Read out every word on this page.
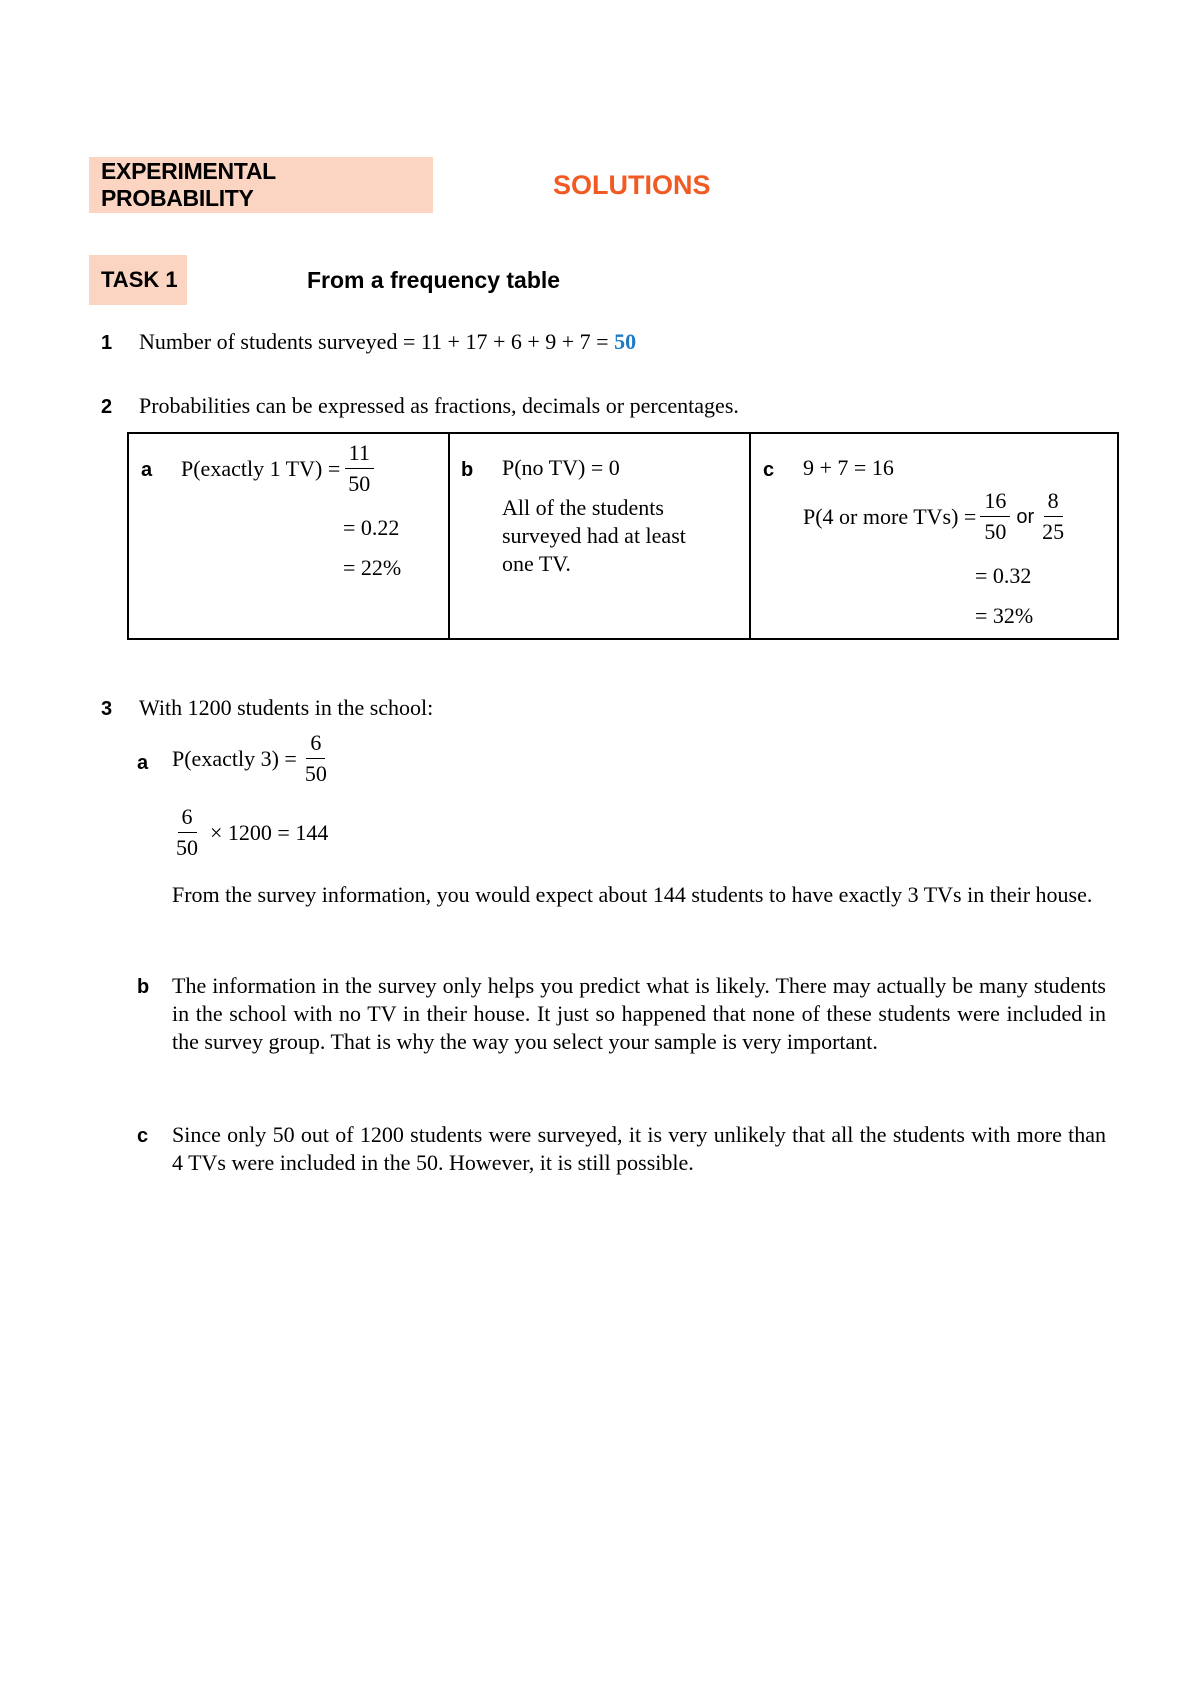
EXPERIMENTAL PROBABILITY	SOLUTIONS
TASK 1	From a frequency table
1 Number of students surveyed = 11 + 17 + 6 + 9 + 7 = 50
2 Probabilities can be expressed as fractions, decimals or percentages.
a P(exactly 1 $TV) = \frac{11}{50}$
= 0.22
= 22%
b P(no TV) = 0
All of the students
surveyed had at least
one TV.
c 9 + 7 = 16
P(4 or more $TVs) = \frac{16}{50}$ or $\frac{8}{25}$
= 0.32
= 32%
3 With 1200 students in the school:
a P(exactly $3) = \frac{6}{50}$
$\frac{6}{50} \times 1200 = 144$
From the survey information, you would expect about 144 students to have exactly 3 TVs in their house.
b The information in the survey only helps you predict what is likely. There may actually be many students in the school with no TV in their house. It just so happened that none of these students were included in the survey group. That is why the way you select your sample is very important.
c Since only 50 out of 1200 students were surveyed, it is very unlikely that all the students with more than 4 TVs were included in the 50. However, it is still possible.
